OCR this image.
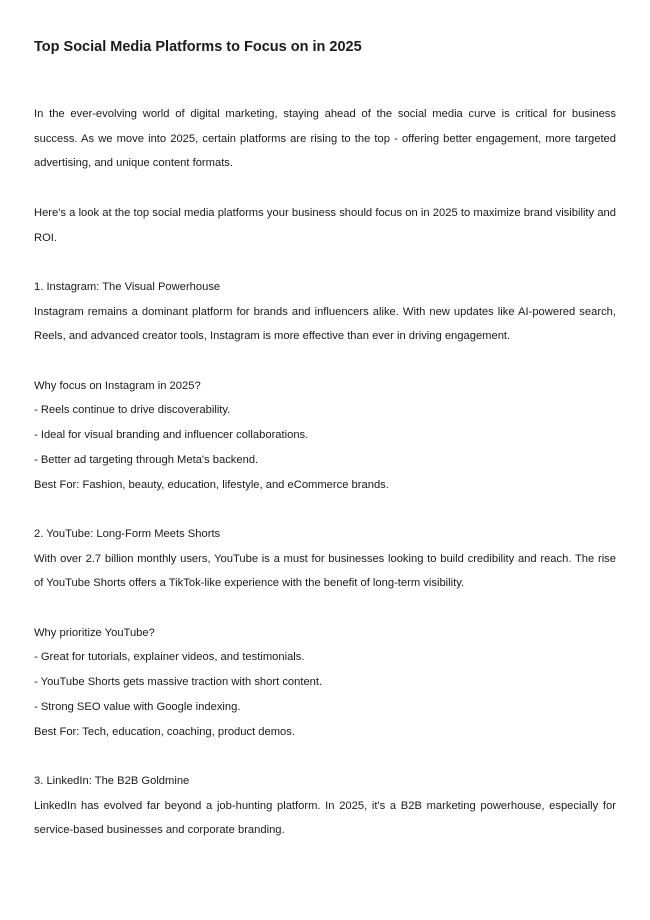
Top Social Media Platforms to Focus on in 2025

In the ever-evolving world of digital marketing, staying ahead of the social media curve is critical for business success. As we move into 2025, certain platforms are rising to the top - offering better engagement, more targeted advertising, and unique content formats.

Here's a look at the top social media platforms your business should focus on in 2025 to maximize brand visibility and ROI.

1. Instagram: The Visual Powerhouse

Instagram remains a dominant platform for brands and influencers alike. With new updates like AI-powered search, Reels, and advanced creator tools, Instagram is more effective than ever in driving engagement.

Why focus on Instagram in 2025?

- Reels continue to drive discoverability.

- Ideal for visual branding and influencer collaborations.

- Better ad targeting through Meta's backend.

Best For: Fashion, beauty, education, lifestyle, and eCommerce brands.

2. YouTube: Long-Form Meets Shorts

With over 2.7 billion monthly users, YouTube is a must for businesses looking to build credibility and reach. The rise of YouTube Shorts offers a TikTok-like experience with the benefit of long-term visibility.

Why prioritize YouTube?

- Great for tutorials, explainer videos, and testimonials.

- YouTube Shorts gets massive traction with short content.

- Strong SEO value with Google indexing.

Best For: Tech, education, coaching, product demos.

3. LinkedIn: The B2B Goldmine

LinkedIn has evolved far beyond a job-hunting platform. In 2025, it's a B2B marketing powerhouse, especially for service-based businesses and corporate branding.
